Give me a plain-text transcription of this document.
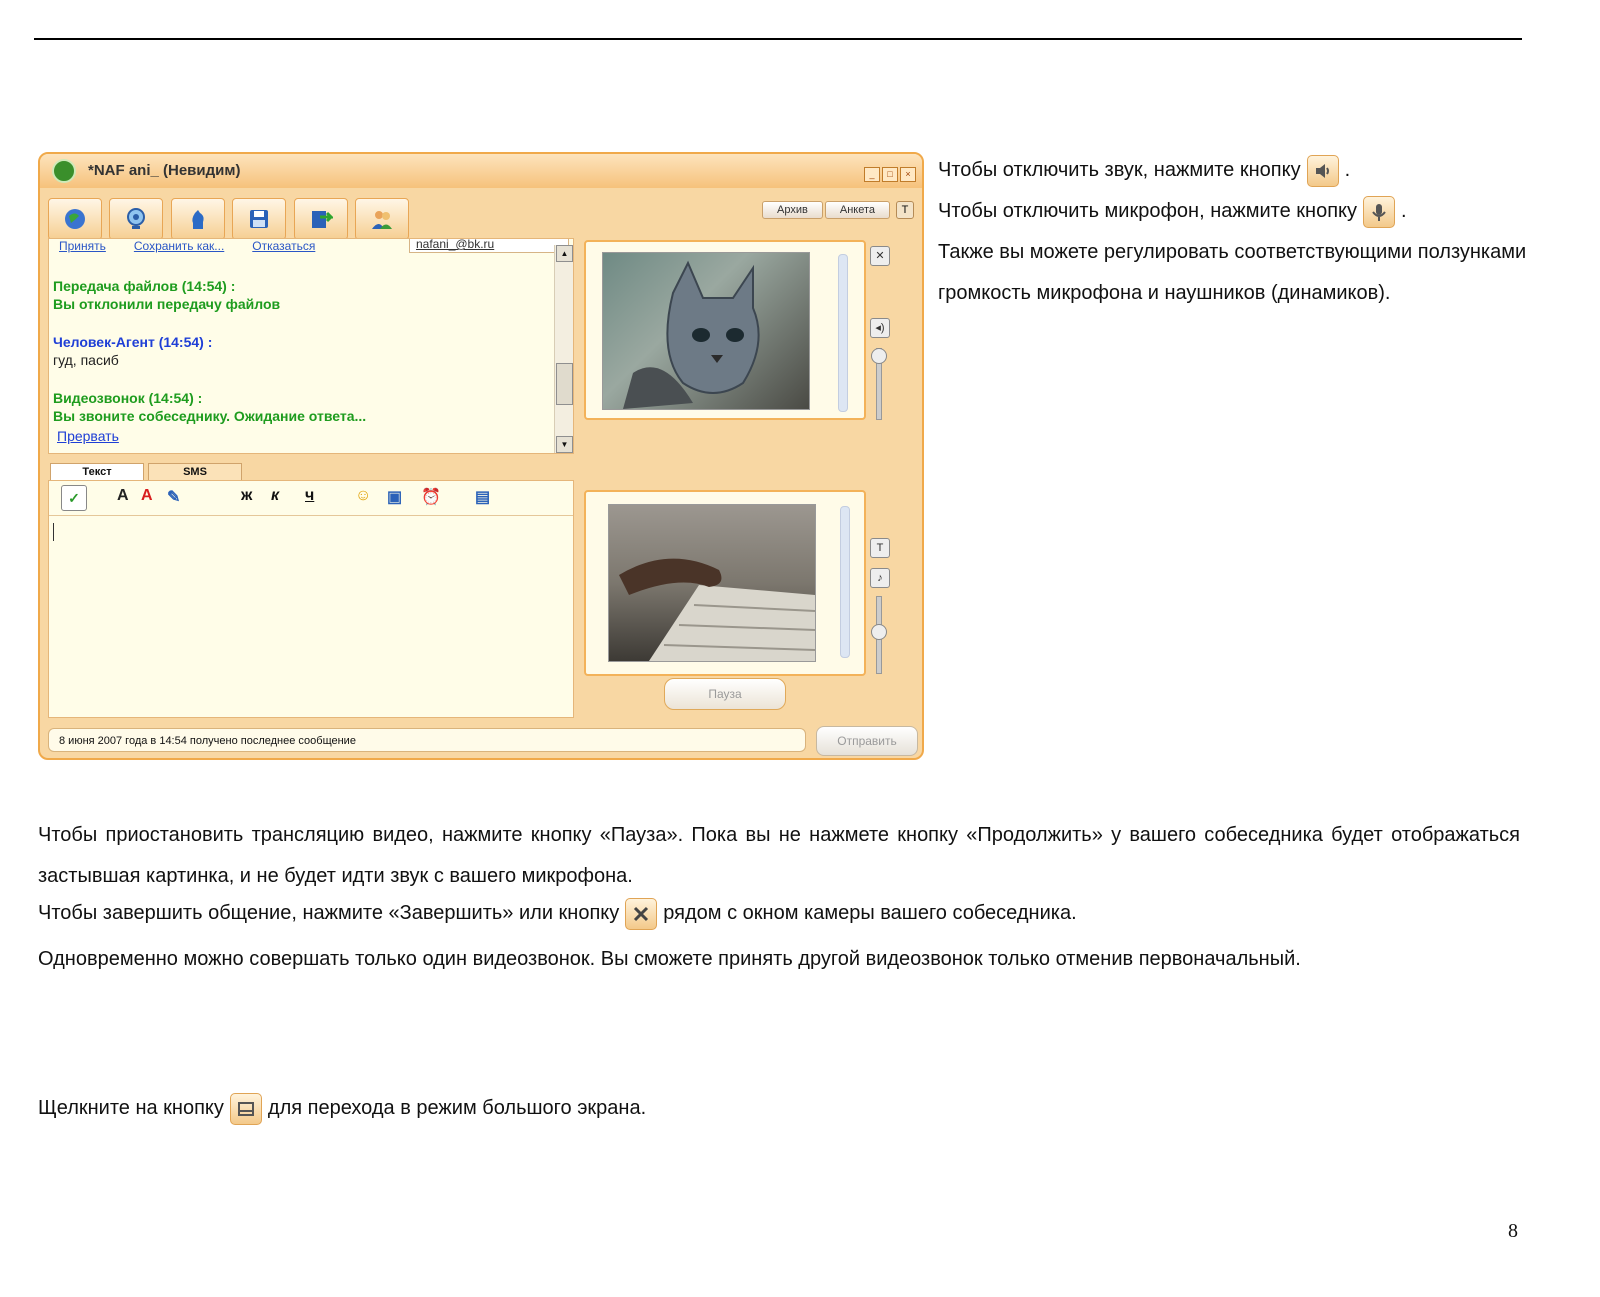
*NAF ani_ (Невидим)	_ □ ×

Архив	Анкета T
Принять Сохранить как... Отказаться	nafani_@bk.ru
Передача файлов (14:54) :
Вы отклонили передачу файлов
Человек-Агент (14:54) :
гуд, пасиб
Видеозвонок (14:54) :
Вы звоните собеседнику. Ожидание ответа...
Прервать
▲
▼
✕
◂)
Текст	SMS
✓	A A ✎	ж к ч	☺ ▣ ⏰ ▤
T
♪
Пауза
8 июня 2007 года в 14:54 получено последнее сообщение	Отправить

Чтобы отключить звук, нажмите кнопку .

Чтобы отключить микрофон, нажмите кнопку .

Также вы можете регулировать соответствующими ползунками громкость микрофона и наушников (динамиков).

Чтобы приостановить трансляцию видео, нажмите кнопку «Пауза». Пока вы не нажмете кнопку «Продолжить» у вашего собеседника будет отображаться застывшая картинка, и не будет идти звук с вашего микрофона.

Чтобы завершить общение, нажмите «Завершить» или кнопку рядом с окном камеры вашего собеседника.

Одновременно можно совершать только один видеозвонок. Вы сможете принять другой видеозвонок только отменив первоначальный.

Щелкните на кнопку для перехода в режим большого экрана.

8
